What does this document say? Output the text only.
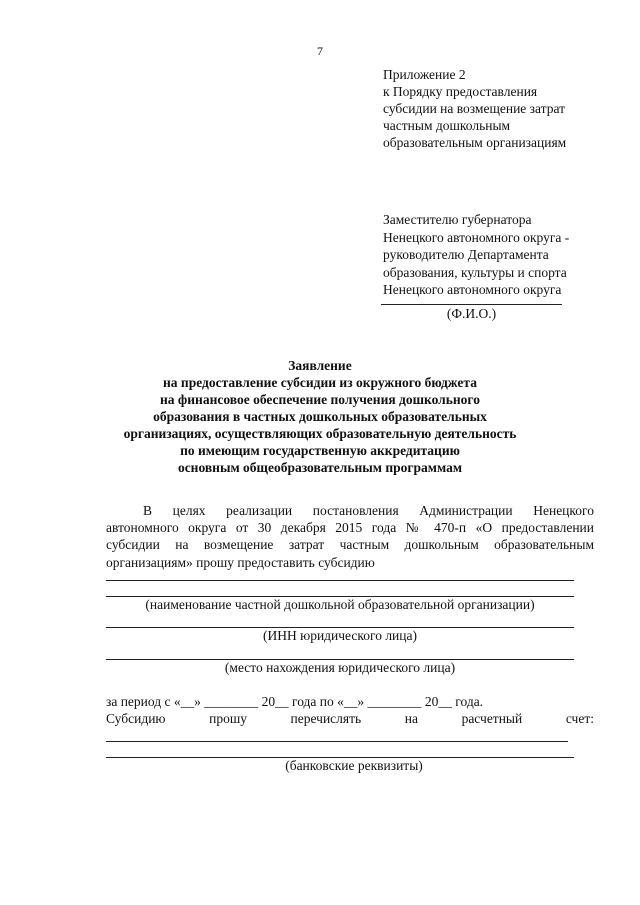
7
Приложение 2
к Порядку предоставления
субсидии на возмещение затрат
частным дошкольным
образовательным организациям
Заместителю губернатора
Ненецкого автономного округа -
руководителю Департамента
образования, культуры и спорта
Ненецкого автономного округа
(Ф.И.О.)
Заявление
на предоставление субсидии из окружного бюджета
на финансовое обеспечение получения дошкольного
образования в частных дошкольных образовательных
организациях, осуществляющих образовательную деятельность
по имеющим государственную аккредитацию
основным общеобразовательным программам
В целях реализации постановления Администрации Ненецкого
автономного округа от 30 декабря 2015 года № 470-п «О предоставлении
субсидии на возмещение затрат частным дошкольным образовательным
организациям» прошу предоставить субсидию
(наименование частной дошкольной образовательной организации)
(ИНН юридического лица)
(место нахождения юридического лица)
за период с «__» ________ 20__ года по «__» ________ 20__ года.
Субсидию	прошу	перечислять	на	расчетный	счет:
(банковские реквизиты)
